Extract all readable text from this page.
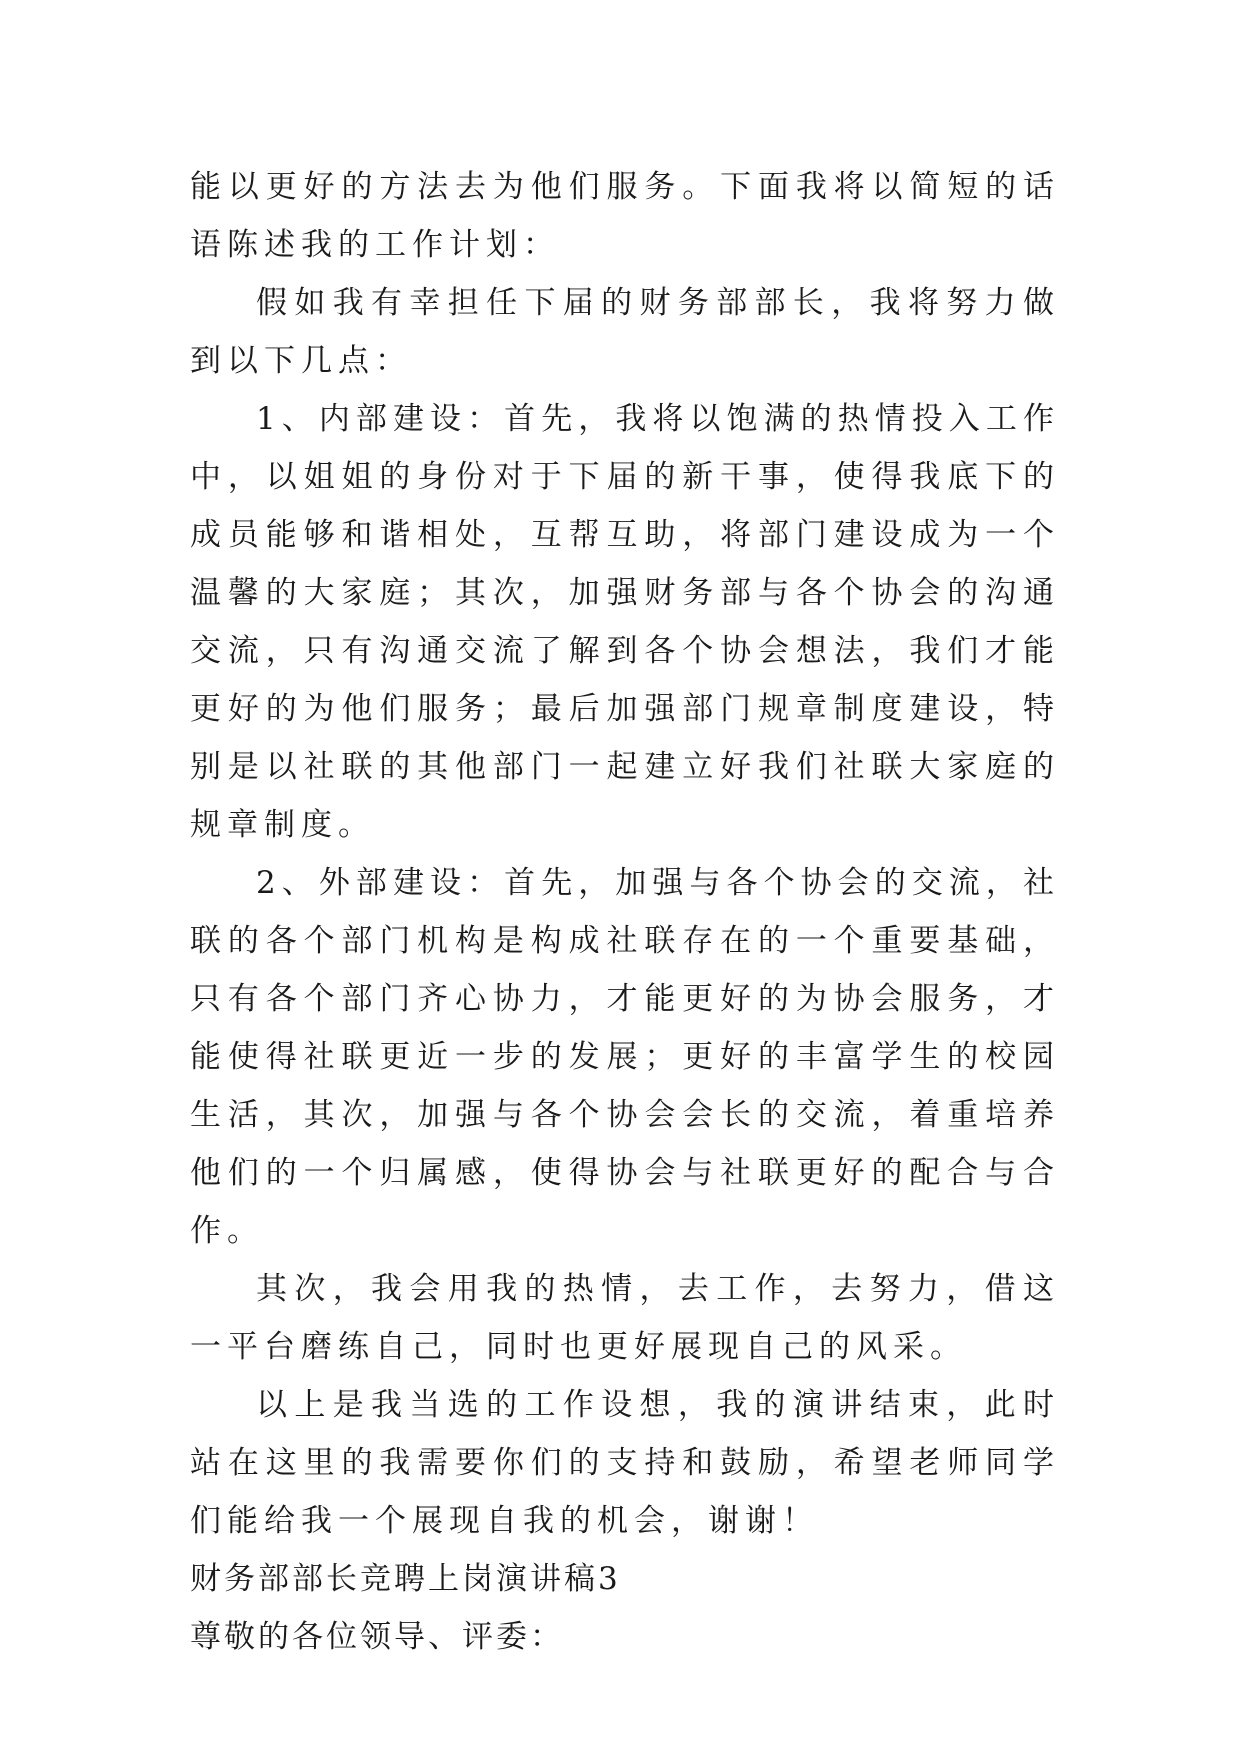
能以更好的方法去为他们服务。下面我将以简短的话语陈述我的工作计划：

假如我有幸担任下届的财务部部长，我将努力做到以下几点：

1、内部建设：首先，我将以饱满的热情投入工作中，以姐姐的身份对于下届的新干事，使得我底下的成员能够和谐相处，互帮互助，将部门建设成为一个温馨的大家庭；其次，加强财务部与各个协会的沟通交流，只有沟通交流了解到各个协会想法，我们才能更好的为他们服务；最后加强部门规章制度建设，特别是以社联的其他部门一起建立好我们社联大家庭的规章制度。

2、外部建设：首先，加强与各个协会的交流，社联的各个部门机构是构成社联存在的一个重要基础，只有各个部门齐心协力，才能更好的为协会服务，才能使得社联更近一步的发展；更好的丰富学生的校园生活，其次，加强与各个协会会长的交流，着重培养他们的一个归属感，使得协会与社联更好的配合与合作。

其次，我会用我的热情，去工作，去努力，借这一平台磨练自己，同时也更好展现自己的风采。

以上是我当选的工作设想，我的演讲结束，此时站在这里的我需要你们的支持和鼓励，希望老师同学们能给我一个展现自我的机会，谢谢！

财务部部长竞聘上岗演讲稿3

尊敬的各位领导、评委：
